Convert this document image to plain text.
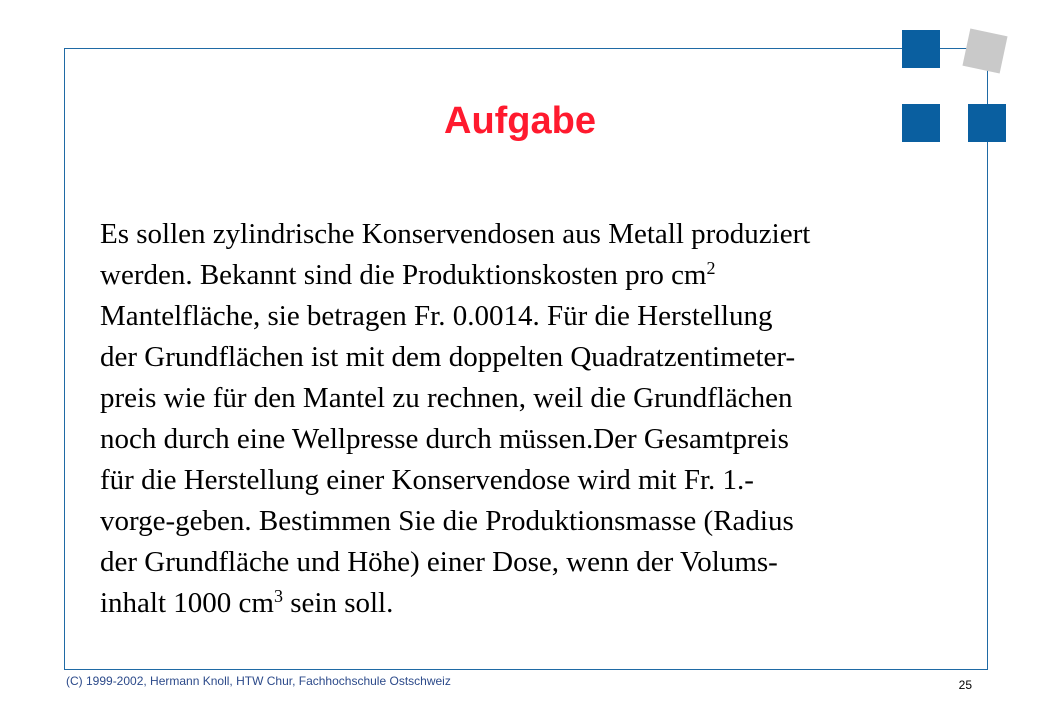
Aufgabe
Es sollen zylindrische Konservendosen aus Metall produziert
werden. Bekannt sind die Produktionskosten pro $cm^2$
Mantelfläche, sie betragen Fr. 0.0014. Für die Herstellung
der Grundflächen ist mit dem doppelten Quadratzentimeter-
preis wie für den Mantel zu rechnen, weil die Grundflächen
noch durch eine Wellpresse durch müssen.Der Gesamtpreis
für die Herstellung einer Konservendose wird mit Fr. 1.-
vorge-geben. Bestimmen Sie die Produktionsmasse (Radius
der Grundfläche und Höhe) einer Dose, wenn der Volums-
inhalt 1000 $cm^3$ sein soll.
(C) 1999-2002, Hermann Knoll, HTW Chur, Fachhochschule Ostschweiz	25
